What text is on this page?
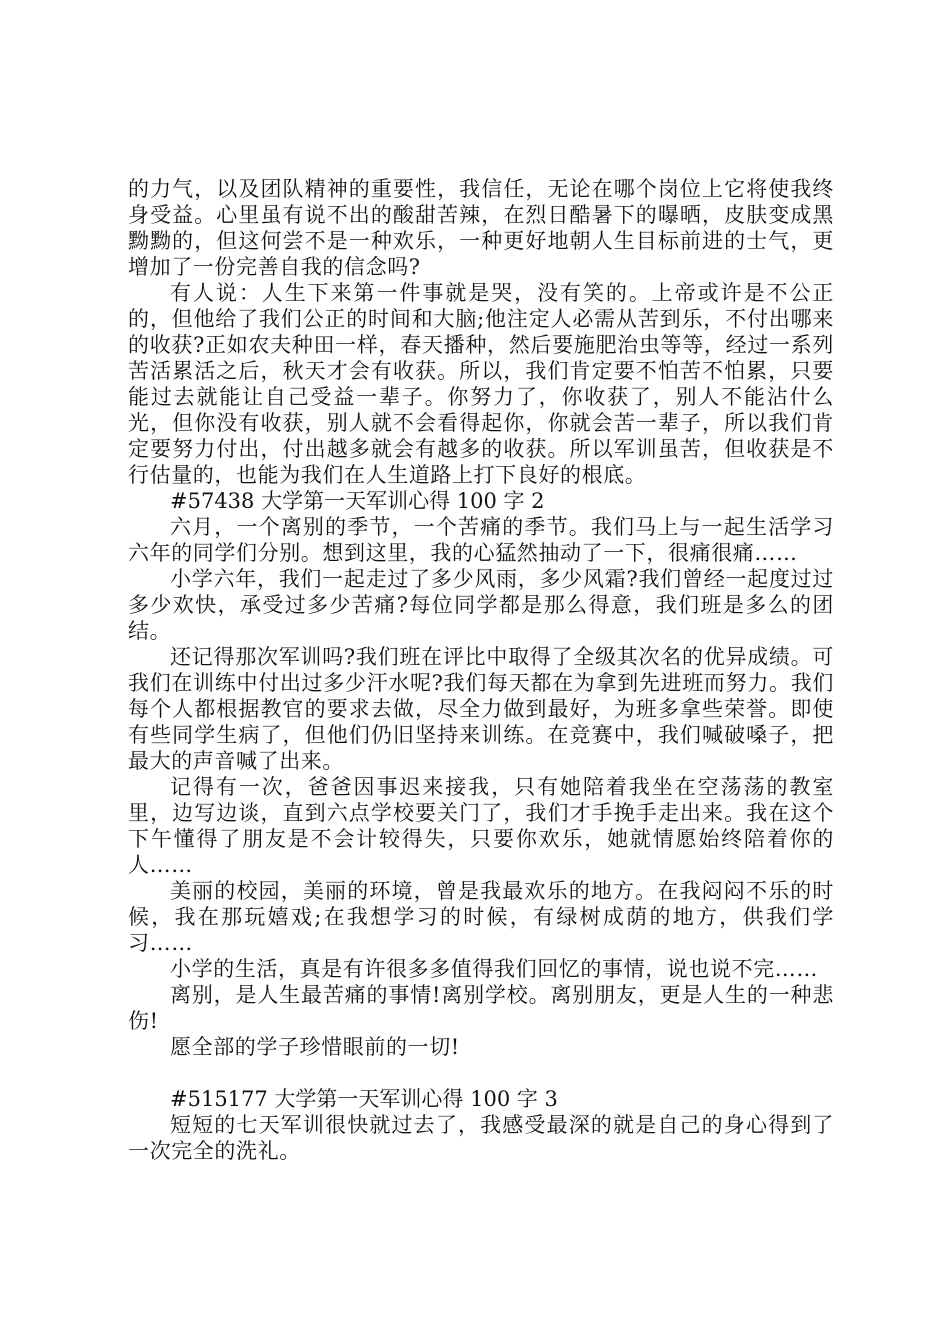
的力气，以及团队精神的重要性，我信任，无论在哪个岗位上它将使我终身受益。心里虽有说不出的酸甜苦辣，在烈日酷暑下的曝晒，皮肤变成黑黝黝的，但这何尝不是一种欢乐，一种更好地朝人生目标前进的士气，更增加了一份完善自我的信念吗?

有人说：人生下来第一件事就是哭，没有笑的。上帝或许是不公正的，但他给了我们公正的时间和大脑;他注定人必需从苦到乐，不付出哪来的收获?正如农夫种田一样，春天播种，然后要施肥治虫等等，经过一系列苦活累活之后，秋天才会有收获。所以，我们肯定要不怕苦不怕累，只要能过去就能让自己受益一辈子。你努力了，你收获了，别人不能沾什么光，但你没有收获，别人就不会看得起你，你就会苦一辈子，所以我们肯定要努力付出，付出越多就会有越多的收获。所以军训虽苦，但收获是不行估量的，也能为我们在人生道路上打下良好的根底。

#57438 大学第一天军训心得 100 字 2

六月，一个离别的季节，一个苦痛的季节。我们马上与一起生活学习六年的同学们分别。想到这里，我的心猛然抽动了一下，很痛很痛……

小学六年，我们一起走过了多少风雨，多少风霜?我们曾经一起度过过多少欢快，承受过多少苦痛?每位同学都是那么得意，我们班是多么的团结。

还记得那次军训吗?我们班在评比中取得了全级其次名的优异成绩。可我们在训练中付出过多少汗水呢?我们每天都在为拿到先进班而努力。我们每个人都根据教官的要求去做，尽全力做到最好，为班多拿些荣誉。即使有些同学生病了，但他们仍旧坚持来训练。在竞赛中，我们喊破嗓子，把最大的声音喊了出来。

记得有一次，爸爸因事迟来接我，只有她陪着我坐在空荡荡的教室里，边写边谈，直到六点学校要关门了，我们才手挽手走出来。我在这个下午懂得了朋友是不会计较得失，只要你欢乐，她就情愿始终陪着你的人……

美丽的校园，美丽的环境，曾是我最欢乐的地方。在我闷闷不乐的时候，我在那玩嬉戏;在我想学习的时候，有绿树成荫的地方，供我们学习……

小学的生活，真是有许很多多值得我们回忆的事情，说也说不完……

离别，是人生最苦痛的事情!离别学校。离别朋友，更是人生的一种悲伤!

愿全部的学子珍惜眼前的一切!

#515177 大学第一天军训心得 100 字 3

短短的七天军训很快就过去了，我感受最深的就是自己的身心得到了一次完全的洗礼。
